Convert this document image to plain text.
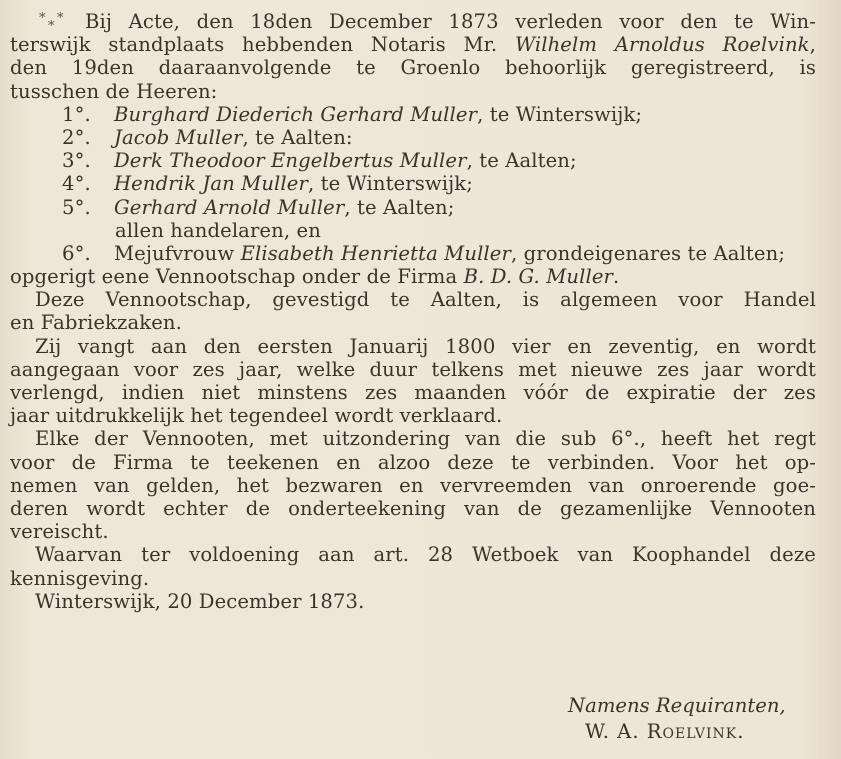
* *
* Bij Acte, den 18den December 1873 verleden voor den te Win-
terswijk standplaats hebbenden Notaris Mr. Wilhelm Arnoldus Roelvink,
den 19den daaraanvolgende te Groenlo behoorlijk geregistreerd, is
tusschen de Heeren:
1°. Burghard Diederich Gerhard Muller, te Winterswijk;
2°. Jacob Muller, te Aalten:
3°. Derk Theodoor Engelbertus Muller, te Aalten;
4°. Hendrik Jan Muller, te Winterswijk;
5°. Gerhard Arnold Muller, te Aalten;
allen handelaren, en
6°. Mejufvrouw Elisabeth Henrietta Muller, grondeigenares te Aalten;
opgerigt eene Vennootschap onder de Firma B. D. G. Muller.
Deze Vennootschap, gevestigd te Aalten, is algemeen voor Handel
en Fabriekzaken.
Zij vangt aan den eersten Januarij 1800 vier en zeventig, en wordt
aangegaan voor zes jaar, welke duur telkens met nieuwe zes jaar wordt
verlengd, indien niet minstens zes maanden vóór de expiratie der zes
jaar uitdrukkelijk het tegendeel wordt verklaard.
Elke der Vennooten, met uitzondering van die sub 6°., heeft het regt
voor de Firma te teekenen en alzoo deze te verbinden. Voor het op-
nemen van gelden, het bezwaren en vervreemden van onroerende goe-
deren wordt echter de onderteekening van de gezamenlijke Vennooten
vereischt.
Waarvan ter voldoening aan art. 28 Wetboek van Koophandel deze
kennisgeving.
Winterswijk, 20 December 1873.
Namens Requiranten,
W. A. Roelvink.
